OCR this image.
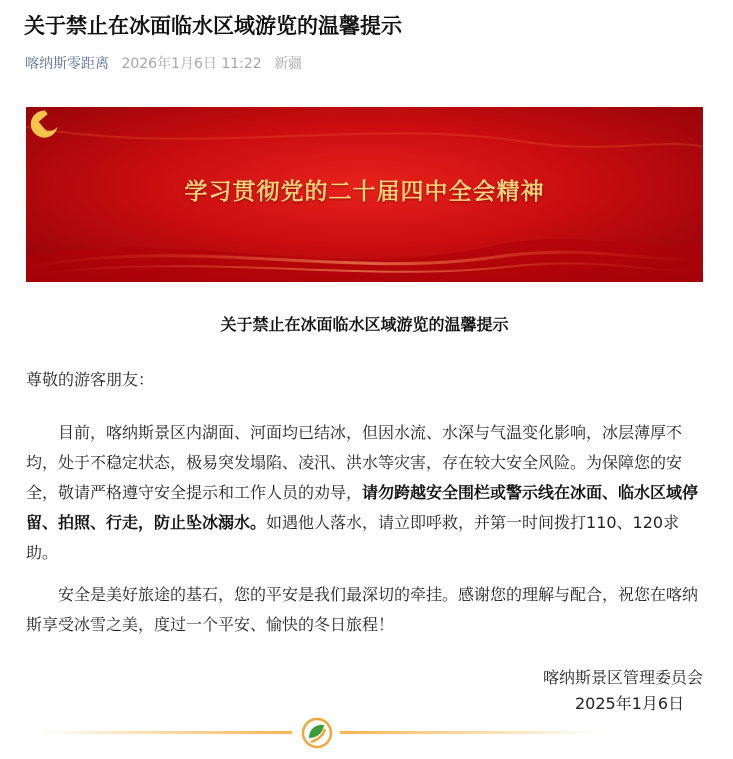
关于禁止在冰面临水区域游览的温馨提示
喀纳斯零距离 2026年1月6日 11:22 新疆
学习贯彻党的二十届四中全会精神
关于禁止在冰面临水区域游览的温馨提示

尊敬的游客朋友：

目前，喀纳斯景区内湖面、河面均已结冰，但因水流、水深与气温变化影响，冰层薄厚不均，处于不稳定状态，极易突发塌陷、凌汛、洪水等灾害，存在较大安全风险。为保障您的安全，敬请严格遵守安全提示和工作人员的劝导，请勿跨越安全围栏或警示线在冰面、临水区域停留、拍照、行走，防止坠冰溺水。如遇他人落水，请立即呼救，并第一时间拨打110、120求助。

安全是美好旅途的基石，您的平安是我们最深切的牵挂。感谢您的理解与配合，祝您在喀纳斯享受冰雪之美，度过一个平安、愉快的冬日旅程！

喀纳斯景区管理委员会
2025年1月6日
